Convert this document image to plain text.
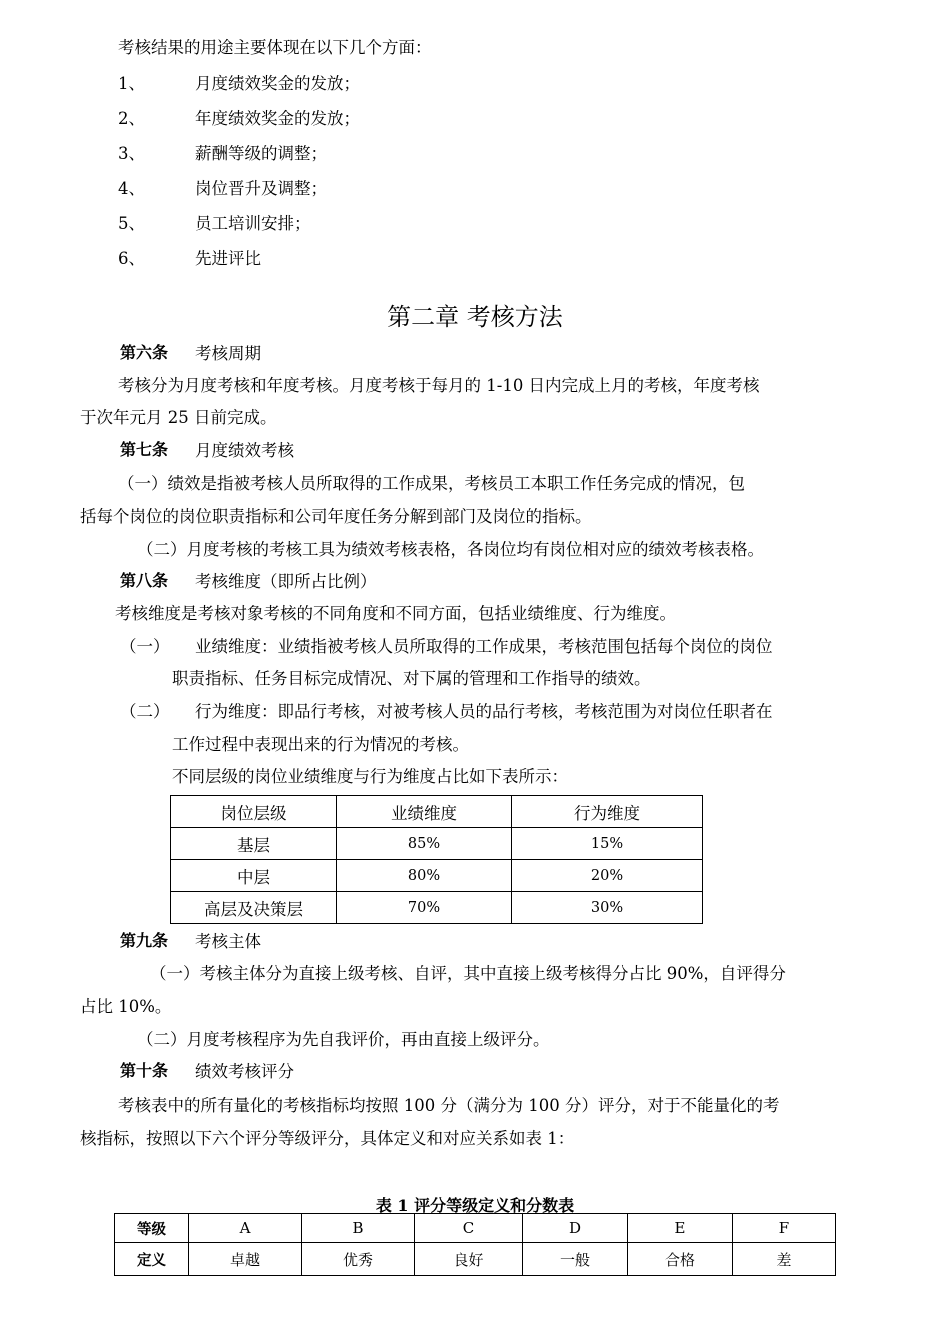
考核结果的用途主要体现在以下几个方面：
1、	月度绩效奖金的发放；
2、	年度绩效奖金的发放；
3、	薪酬等级的调整；
4、	岗位晋升及调整；
5、	员工培训安排；
6、	先进评比
第二章 考核方法
第六条 考核周期
考核分为月度考核和年度考核。月度考核于每月的 1-10 日内完成上月的考核，年度考核
于次年元月 25 日前完成。
第七条 月度绩效考核
（一）绩效是指被考核人员所取得的工作成果，考核员工本职工作任务完成的情况，包
括每个岗位的岗位职责指标和公司年度任务分解到部门及岗位的指标。
（二）月度考核的考核工具为绩效考核表格，各岗位均有岗位相对应的绩效考核表格。
第八条 考核维度（即所占比例）
考核维度是考核对象考核的不同角度和不同方面，包括业绩维度、行为维度。
（一） 业绩维度：业绩指被考核人员所取得的工作成果，考核范围包括每个岗位的岗位
职责指标、任务目标完成情况、对下属的管理和工作指导的绩效。
（二） 行为维度：即品行考核，对被考核人员的品行考核，考核范围为对岗位任职者在
工作过程中表现出来的行为情况的考核。
不同层级的岗位业绩维度与行为维度占比如下表所示：
岗位层级	业绩维度	行为维度
基层	85%	15%
中层	80%	20%
高层及决策层	70%	30%
第九条 考核主体
（一）考核主体分为直接上级考核、自评，其中直接上级考核得分占比 90%，自评得分
占比 10%。
（二）月度考核程序为先自我评价，再由直接上级评分。
第十条 绩效考核评分
考核表中的所有量化的考核指标均按照 100 分（满分为 100 分）评分，对于不能量化的考
核指标，按照以下六个评分等级评分，具体定义和对应关系如表 1：
表 1 评分等级定义和分数表
等级	A	B	C	D	E	F
定义	卓越	优秀	良好	一般	合格	差
